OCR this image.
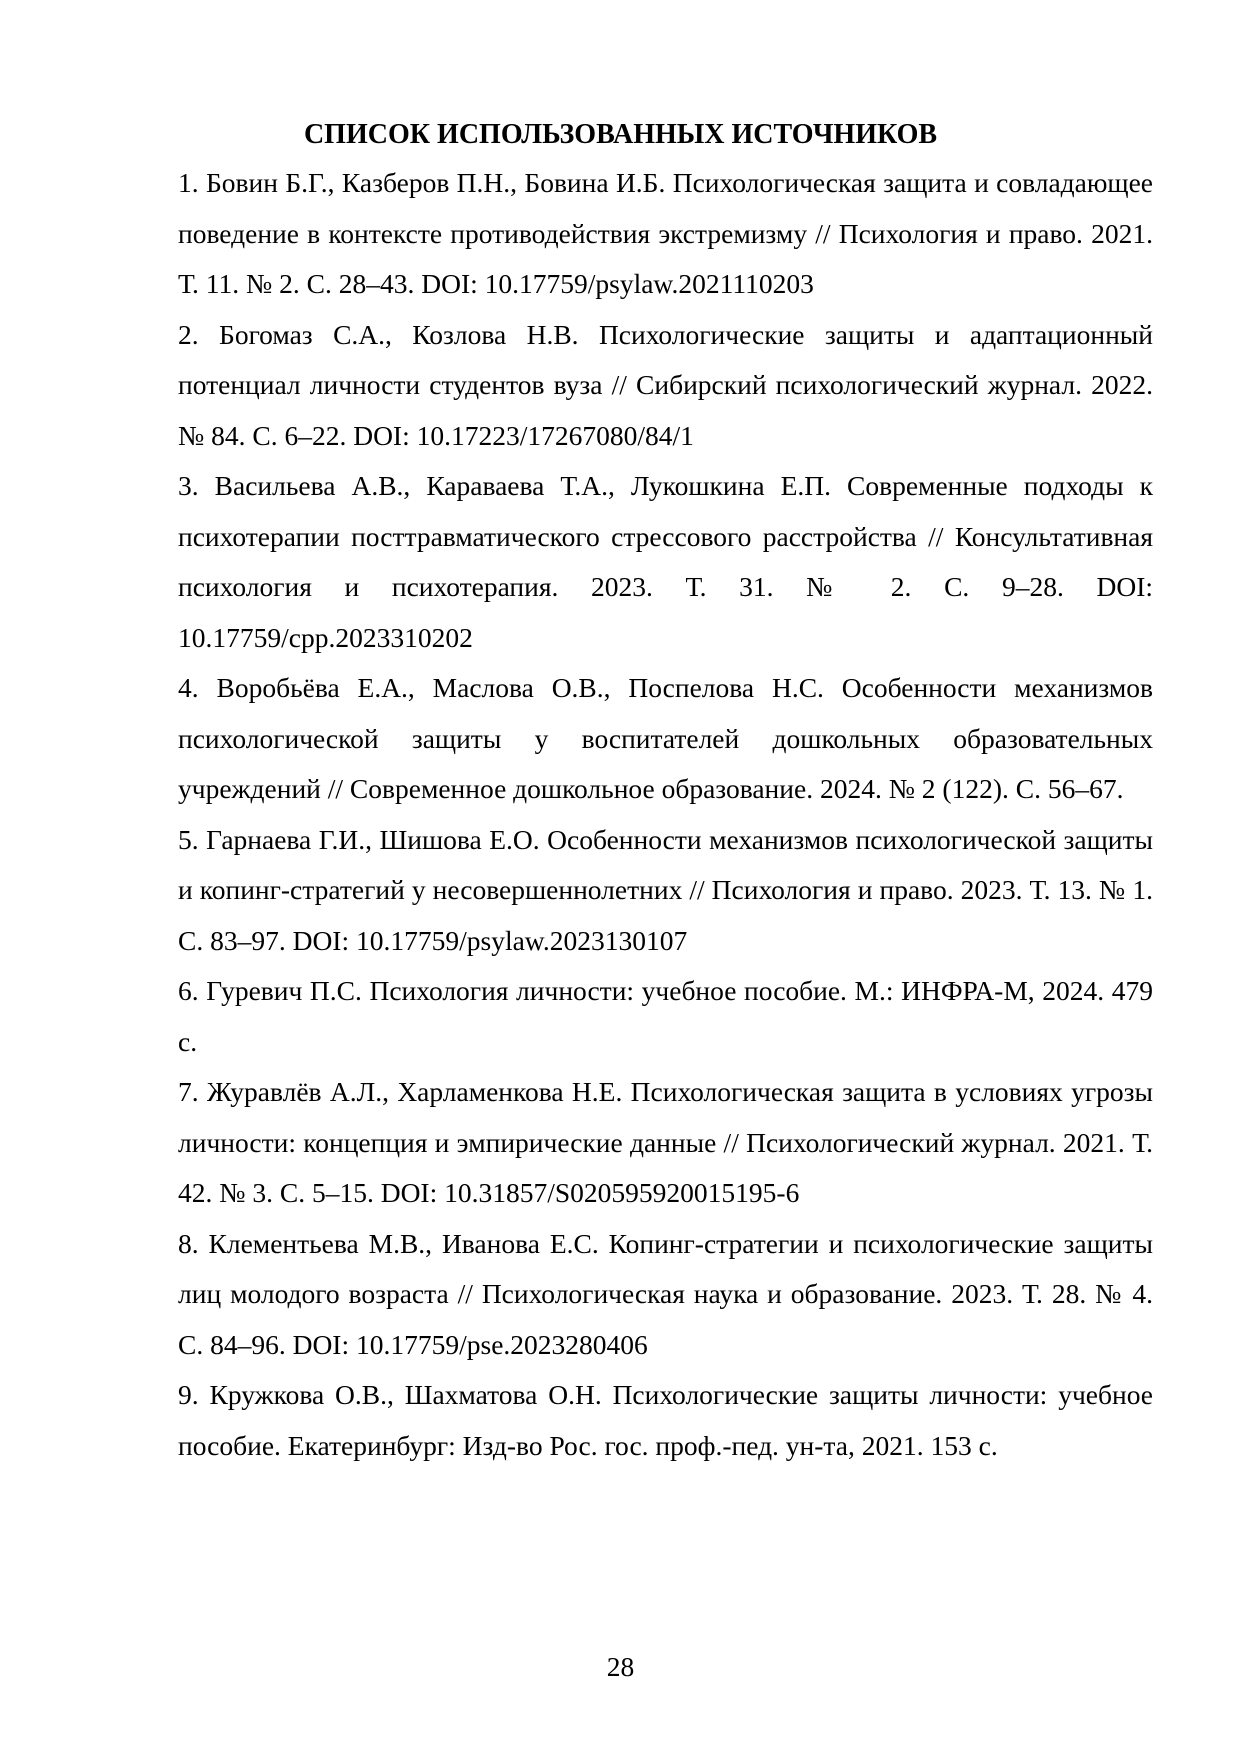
СПИСОК ИСПОЛЬЗОВАННЫХ ИСТОЧНИКОВ
1. Бовин Б.Г., Казберов П.Н., Бовина И.Б. Психологическая защита и совладающее поведение в контексте противодействия экстремизму // Психология и право. 2021. Т. 11. № 2. С. 28–43. DOI: 10.17759/psylaw.2021110203
2. Богомаз С.А., Козлова Н.В. Психологические защиты и адаптационный потенциал личности студентов вуза // Сибирский психологический журнал. 2022. № 84. С. 6–22. DOI: 10.17223/17267080/84/1
3. Васильева А.В., Караваева Т.А., Лукошкина Е.П. Современные подходы к психотерапии посттравматического стрессового расстройства // Консультативная психология и психотерапия. 2023. Т. 31. № 2. С. 9–28. DOI: 10.17759/cpp.2023310202
4. Воробьёва Е.А., Маслова О.В., Поспелова Н.С. Особенности механизмов психологической защиты у воспитателей дошкольных образовательных учреждений // Современное дошкольное образование. 2024. № 2 (122). С. 56–67.
5. Гарнаева Г.И., Шишова Е.О. Особенности механизмов психологической защиты и копинг-стратегий у несовершеннолетних // Психология и право. 2023. Т. 13. № 1. С. 83–97. DOI: 10.17759/psylaw.2023130107
6. Гуревич П.С. Психология личности: учебное пособие. М.: ИНФРА-М, 2024. 479 с.
7. Журавлёв А.Л., Харламенкова Н.Е. Психологическая защита в условиях угрозы личности: концепция и эмпирические данные // Психологический журнал. 2021. Т. 42. № 3. С. 5–15. DOI: 10.31857/S020595920015195-6
8. Клементьева М.В., Иванова Е.С. Копинг-стратегии и психологические защиты лиц молодого возраста // Психологическая наука и образование. 2023. Т. 28. № 4. С. 84–96. DOI: 10.17759/pse.2023280406
9. Кружкова О.В., Шахматова О.Н. Психологические защиты личности: учебное пособие. Екатеринбург: Изд-во Рос. гос. проф.-пед. ун-та, 2021. 153 с.
28
